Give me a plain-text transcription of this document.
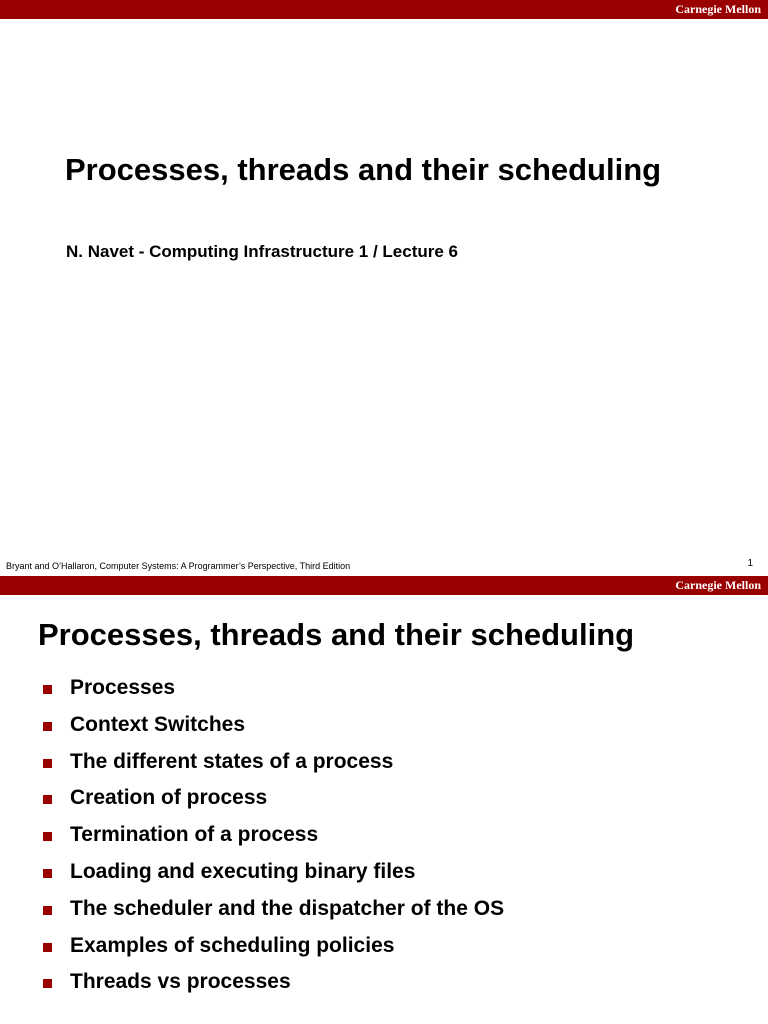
Carnegie Mellon
Processes, threads and their scheduling

N. Navet - Computing Infrastructure 1 / Lecture 6

Bryant and O’Hallaron, Computer Systems: A Programmer’s Perspective, Third Edition	1
Carnegie Mellon
Processes, threads and their scheduling
Processes
Context Switches
The different states of a process
Creation of process
Termination of a process
Loading and executing binary files
The scheduler and the dispatcher of the OS
Examples of scheduling policies
Threads vs processes
